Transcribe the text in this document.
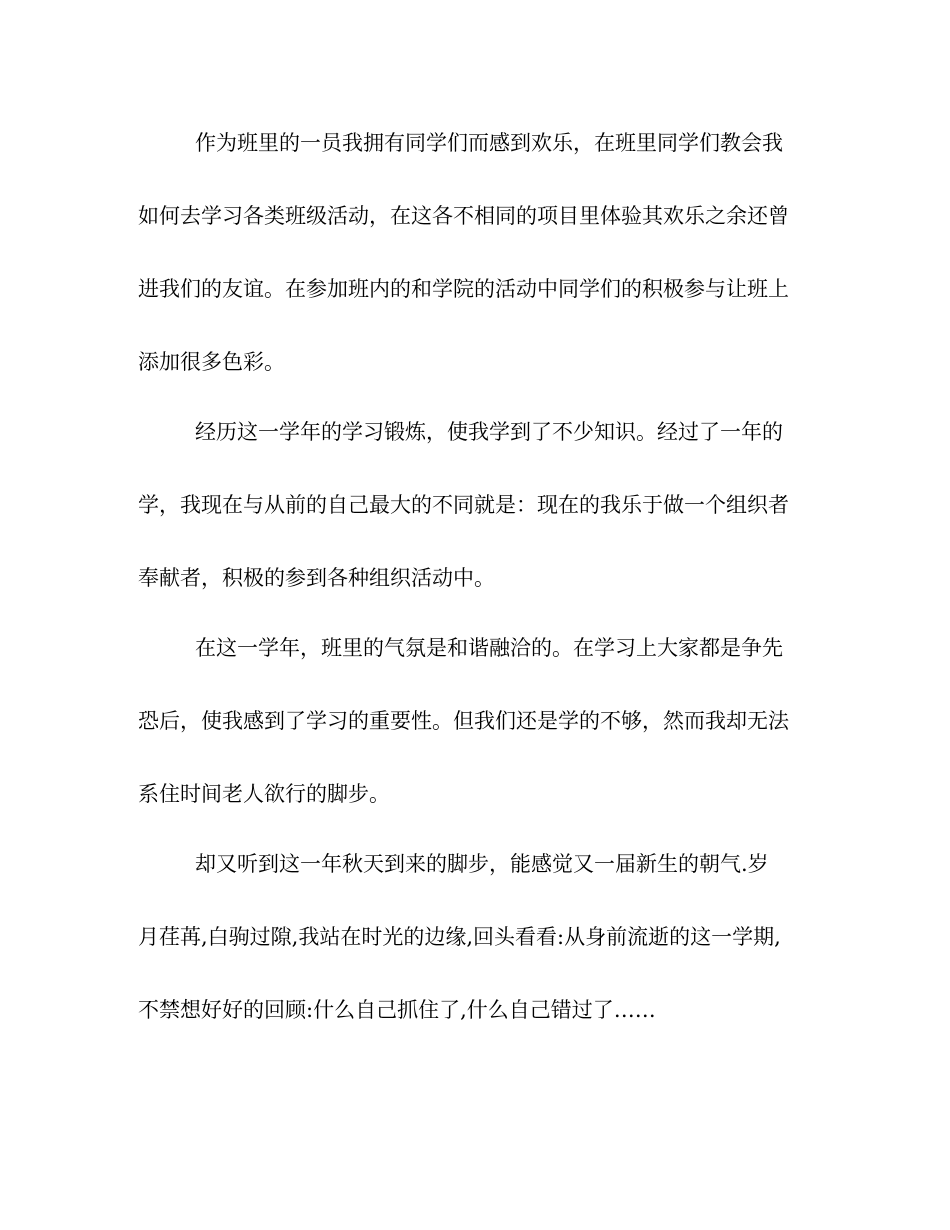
作为班里的一员我拥有同学们而感到欢乐，在班里同学们教会我
如何去学习各类班级活动，在这各不相同的项目里体验其欢乐之余还曾
进我们的友谊。在参加班内的和学院的活动中同学们的积极参与让班上
添加很多色彩。
经历这一学年的学习锻炼，使我学到了不少知识。经过了一年的
学，我现在与从前的自己最大的不同就是：现在的我乐于做一个组织者
奉献者，积极的参到各种组织活动中。
在这一学年，班里的气氛是和谐融洽的。在学习上大家都是争先
恐后，使我感到了学习的重要性。但我们还是学的不够，然而我却无法
系住时间老人欲行的脚步。
却又听到这一年秋天到来的脚步，能感觉又一届新生的朝气.岁
月荏苒,白驹过隙,我站在时光的边缘,回头看看:从身前流逝的这一学期,
不禁想好好的回顾:什么自己抓住了,什么自己错过了……
